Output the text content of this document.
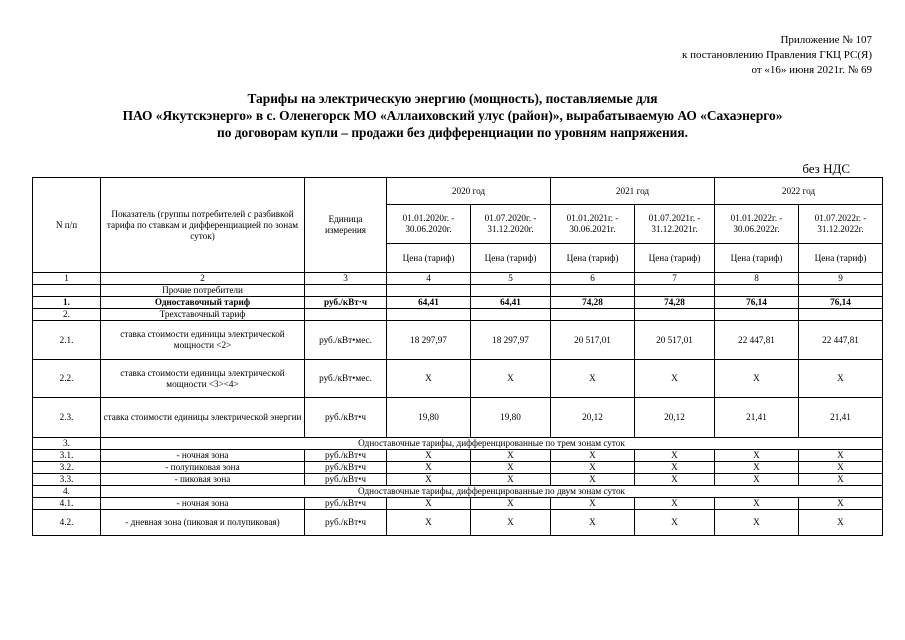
Приложение № 107
к постановлению Правления ГКЦ РС(Я)
от «16» июня 2021г. № 69
Тарифы на электрическую энергию (мощность), поставляемые для
ПАО «Якутскэнерго» в с. Оленегорск МО «Аллаиховский улус (район)», вырабатываемую АО «Сахаэнерго»
по договорам купли – продажи без дифференциации по уровням напряжения.
без НДС
N п/п	Показатель (группы потребителей с разбивкой тарифа по ставкам и дифференциацией по зонам суток)	Единица измерения	2020 год		2021 год		2022 год	
			01.01.2020г. - 30.06.2020г.	01.07.2020г. - 31.12.2020г.	01.01.2021г. - 30.06.2021г.	01.07.2021г. - 31.12.2021г.	01.01.2022г. - 30.06.2022г.	01.07.2022г. - 31.12.2022г.
			Цена (тариф)	Цена (тариф)	Цена (тариф)	Цена (тариф)	Цена (тариф)	Цена (тариф)
1	2	3	4	5	6	7	8	9
	Прочие потребители							
1.	Одноставочный тариф	руб./кВт·ч	64,41	64,41	74,28	74,28	76,14	76,14
2.	Трехставочный тариф							
2.1.	ставка стоимости единицы электрической мощности <2>	руб./кВт•мес.	18 297,97	18 297,97	20 517,01	20 517,01	22 447,81	22 447,81
2.2.	ставка стоимости единицы электрической мощности <3><4>	руб./кВт•мес.	X	X	X	X	X	X
2.3.	ставка стоимости единицы электрической энергии	руб./кВт•ч	19,80	19,80	20,12	20,12	21,41	21,41
3.	Одноставочные тарифы, дифференцированные по трем зонам суток							
3.1.	- ночная зона	руб./кВт•ч	X	X	X	X	X	X
3.2.	- полупиковая зона	руб./кВт•ч	X	X	X	X	X	X
3.3.	- пиковая зона	руб./кВт•ч	X	X	X	X	X	X
4.	Одноставочные тарифы, дифференцированные по двум зонам суток							
4.1.	- ночная зона	руб./кВт•ч	X	X	X	X	X	X
4.2.	- дневная зона (пиковая и полупиковая)	руб./кВт•ч	X	X	X	X	X	X
